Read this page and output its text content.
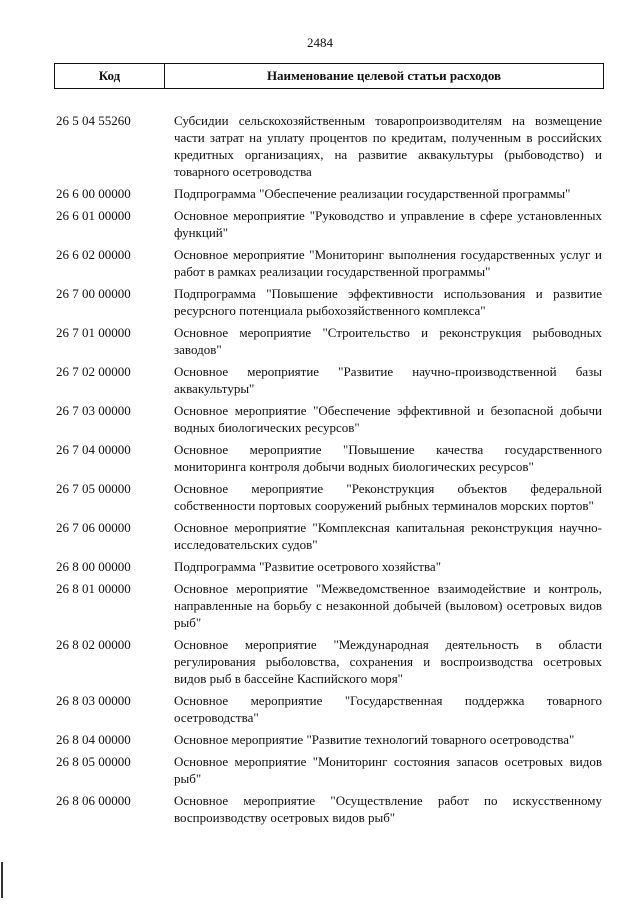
2484
Код	Наименование целевой статьи расходов
26 5 04 55260	Субсидии сельскохозяйственным товаропроизводителям на возмещение части затрат на уплату процентов по кредитам, полученным в российских кредитных организациях, на развитие аквакультуры (рыбоводство) и товарного осетроводства
26 6 00 00000	Подпрограмма "Обеспечение реализации государственной программы"
26 6 01 00000	Основное мероприятие "Руководство и управление в сфере установленных функций"
26 6 02 00000	Основное мероприятие "Мониторинг выполнения государственных услуг и работ в рамках реализации государственной программы"
26 7 00 00000	Подпрограмма "Повышение эффективности использования и развитие ресурсного потенциала рыбохозяйственного комплекса"
26 7 01 00000	Основное мероприятие "Строительство и реконструкция рыбоводных заводов"
26 7 02 00000	Основное мероприятие "Развитие научно-производственной базы аквакультуры"
26 7 03 00000	Основное мероприятие "Обеспечение эффективной и безопасной добычи водных биологических ресурсов"
26 7 04 00000	Основное мероприятие "Повышение качества государственного мониторинга контроля добычи водных биологических ресурсов"
26 7 05 00000	Основное мероприятие "Реконструкция объектов федеральной собственности портовых сооружений рыбных терминалов морских портов"
26 7 06 00000	Основное мероприятие "Комплексная капитальная реконструкция научно-исследовательских судов"
26 8 00 00000	Подпрограмма "Развитие осетрового хозяйства"
26 8 01 00000	Основное мероприятие "Межведомственное взаимодействие и контроль, направленные на борьбу с незаконной добычей (выловом) осетровых видов рыб"
26 8 02 00000	Основное мероприятие "Международная деятельность в области регулирования рыболовства, сохранения и воспроизводства осетровых видов рыб в бассейне Каспийского моря"
26 8 03 00000	Основное мероприятие "Государственная поддержка товарного осетроводства"
26 8 04 00000	Основное мероприятие "Развитие технологий товарного осетроводства"
26 8 05 00000	Основное мероприятие "Мониторинг состояния запасов осетровых видов рыб"
26 8 06 00000	Основное мероприятие "Осуществление работ по искусственному воспроизводству осетровых видов рыб"
